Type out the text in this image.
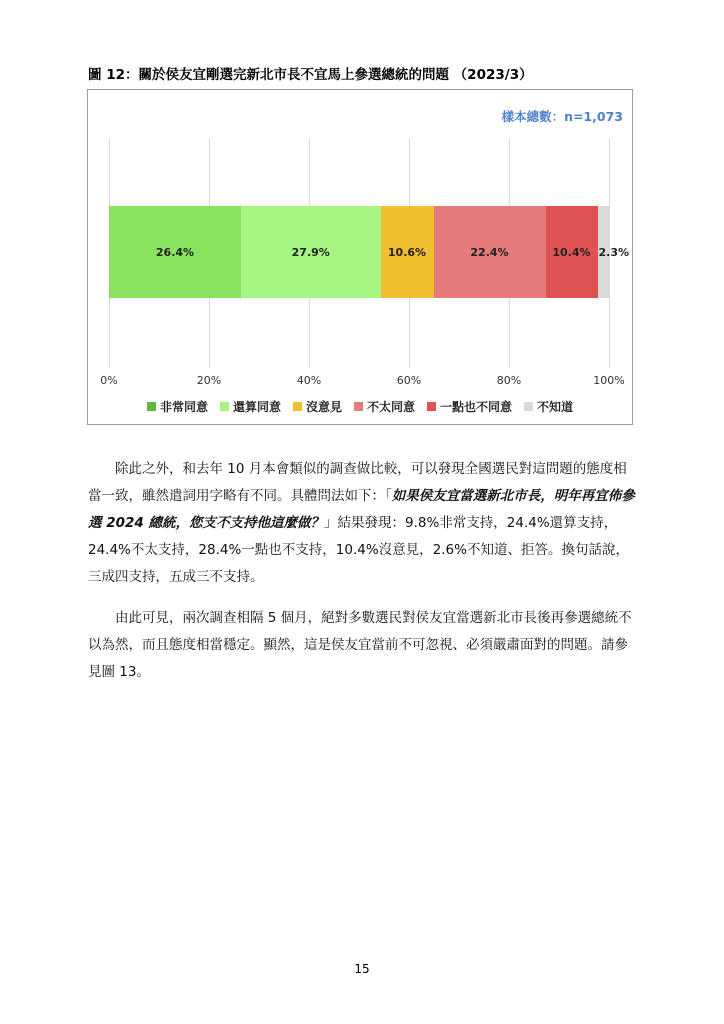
圖 12：關於侯友宜剛選完新北市長不宜馬上參選總統的問題 （2023/3）
樣本總數：n=1,073
0%	20%	40%	60%	80%	100%
26.4%	27.9%	10.6%	22.4%	10.4% 2.3%
非常同意 還算同意 沒意見 不太同意 一點也不同意 不知道

除此之外，和去年 10 月本會類似的調查做比較，可以發現全國選民對這問題的態度相當一致，雖然遣詞用字略有不同。具體問法如下：「如果侯友宜當選新北市長，明年再宜佈參選 2024 總統，您支不支持他這麼做？」結果發現：9.8%非常支持，24.4%還算支持，24.4%不太支持，28.4%一點也不支持，10.4%沒意見，2.6%不知道、拒答。換句話說，三成四支持，五成三不支持。

由此可見，兩次調查相隔 5 個月，絕對多數選民對侯友宜當選新北市長後再參選總統不以為然，而且態度相當穩定。顯然，這是侯友宜當前不可忽視、必須嚴肅面對的問題。請參見圖 13。

15
